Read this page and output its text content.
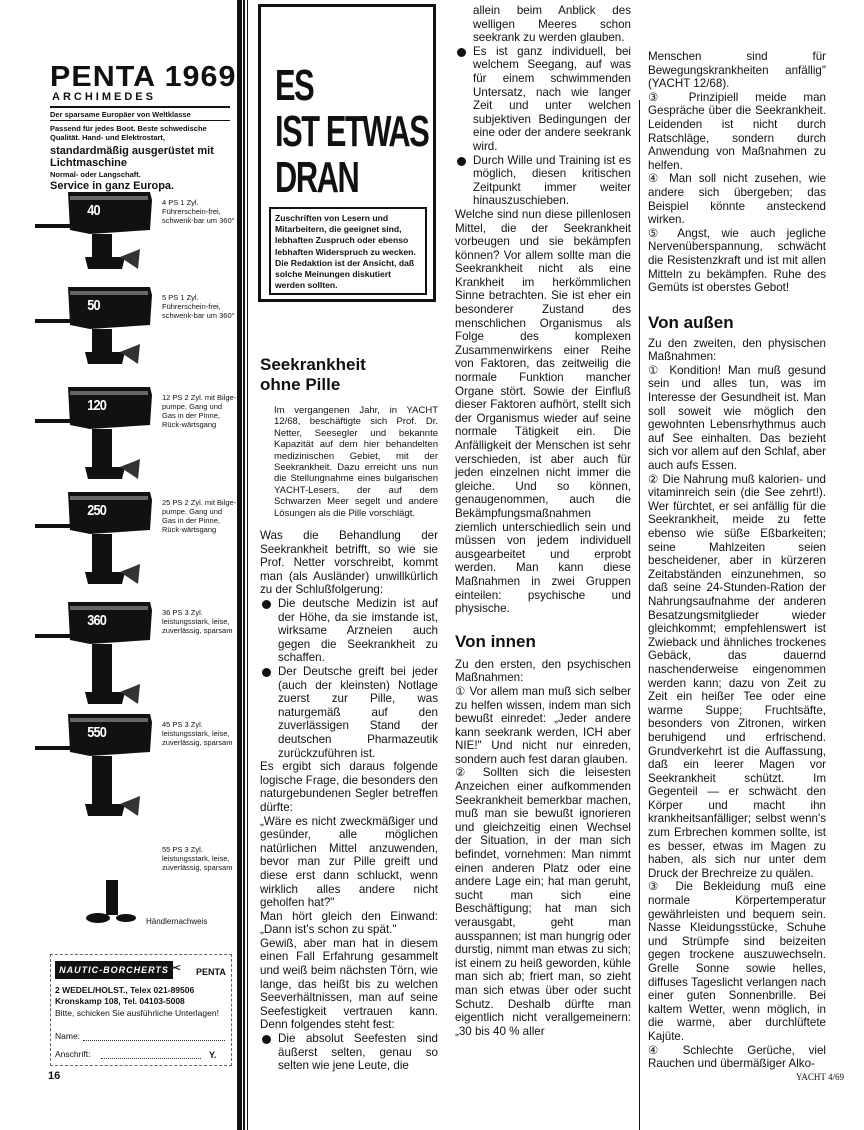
PENTA 1969
ARCHIMEDES
Der sparsame Europäer von Weltklasse
Passend für jedes Boot. Beste schwedische Qualität. Hand- und Elektrostart,
standardmäßig ausgerüstet mit Lichtmaschine
Normal- oder Langschaft.
Service in ganz Europa.
40	4 PS 1 Zyl. Führerschein-frei, schwenk-bar um 360°
50	5 PS 1 Zyl. Führerschein-frei, schwenk-bar um 360°
120	12 PS 2 Zyl. mit Bilge-pumpe, Gang und Gas in der Pinne, Rück-wärtsgang
250	25 PS 2 Zyl. mit Bilge-pumpe, Gang und Gas in der Pinne, Rück-wärtsgang
360	36 PS 3 Zyl. leistungsstark, leise, zuverlässig, sparsam
550	45 PS 3 Zyl. leistungsstark, leise, zuverlässig, sparsam
55 PS 3 Zyl. leistungsstark, leise, zuverlässig, sparsam
Händlernachweis
NAUTIC-BORCHERTS ✂ PENTA
2 WEDEL/HOLST., Telex 021-89506
Kronskamp 108, Tel. 04103-5008
Bitte, schicken Sie ausführliche Unterlagen!
Name:
Anschrift:	Y.
16
ES
IST ETWAS
DRAN
Zuschriften von Lesern und Mitarbeitern, die geeignet sind, lebhaften Zuspruch oder ebenso lebhaften Widerspruch zu wecken. Die Redaktion ist der Ansicht, daß solche Meinungen diskutiert werden sollten.
Seekrankheit
ohne Pille

Im vergangenen Jahr, in YACHT 12/68, beschäftigte sich Prof. Dr. Netter, Seesegler und bekannte Kapazität auf dem hier behandelten medizinischen Gebiet, mit der Seekrankheit. Dazu erreicht uns nun die Stellungnahme eines bulgarischen YACHT-Lesers, der auf dem Schwarzen Meer segelt und andere Lösungen als die Pille vorschlägt.

Was die Behandlung der Seekrankheit betrifft, so wie sie Prof. Netter vorschreibt, kommt man (als Ausländer) unwillkürlich zu der Schlußfolgerung:

Die deutsche Medizin ist auf der Höhe, da sie imstande ist, wirksame Arzneien auch gegen die Seekrankheit zu schaffen.

Der Deutsche greift bei jeder (auch der kleinsten) Notlage zuerst zur Pille, was naturgemäß auf den zuverlässigen Stand der deutschen Pharmazeutik zurückzuführen ist.

Es ergibt sich daraus folgende logische Frage, die besonders den naturgebundenen Segler betreffen dürfte:

„Wäre es nicht zweckmäßiger und gesünder, alle möglichen natürlichen Mittel anzuwenden, bevor man zur Pille greift und diese erst dann schluckt, wenn wirklich alles andere nicht geholfen hat?"

Man hört gleich den Einwand: „Dann ist's schon zu spät."

Gewiß, aber man hat in diesem einen Fall Erfahrung gesammelt und weiß beim nächsten Törn, wie lange, das heißt bis zu welchen Seeverhältnissen, man auf seine Seefestigkeit vertrauen kann. Denn folgendes steht fest:

Die absolut Seefesten sind äußerst selten, genau so selten wie jene Leute, die

allein beim Anblick des welligen Meeres schon seekrank zu werden glauben.

Es ist ganz individuell, bei welchem Seegang, auf was für einem schwimmenden Untersatz, nach wie langer Zeit und unter welchen subjektiven Bedingungen der eine oder der andere seekrank wird.

Durch Wille und Training ist es möglich, diesen kritischen Zeitpunkt immer weiter hinauszuschieben.

Welche sind nun diese pillenlosen Mittel, die der Seekrankheit vorbeugen und sie bekämpfen können? Vor allem sollte man die Seekrankheit nicht als eine Krankheit im herkömmlichen Sinne betrachten. Sie ist eher ein besonderer Zustand des menschlichen Organismus als Folge des komplexen Zusammenwirkens einer Reihe von Faktoren, das zeitweilig die normale Funktion mancher Organe stört. Sowie der Einfluß dieser Faktoren aufhört, stellt sich der Organismus wieder auf seine normale Tätigkeit ein. Die Anfälligkeit der Menschen ist sehr verschieden, ist aber auch für jeden einzelnen nicht immer die gleiche. Und so können, genaugenommen, auch die Bekämpfungsmaßnahmen ziemlich unterschiedlich sein und müssen von jedem individuell ausgearbeitet und erprobt werden. Man kann diese Maßnahmen in zwei Gruppen einteilen: psychische und physische.

Von innen

Zu den ersten, den psychischen Maßnahmen:

① Vor allem man muß sich selber zu helfen wissen, indem man sich bewußt einredet: „Jeder andere kann seekrank werden, ICH aber NIE!" Und nicht nur einreden, sondern auch fest daran glauben.

② Sollten sich die leisesten Anzeichen einer aufkommenden Seekrankheit bemerkbar machen, muß man sie bewußt ignorieren und gleichzeitig einen Wechsel der Situation, in der man sich befindet, vornehmen: Man nimmt einen anderen Platz oder eine andere Lage ein; hat man geruht, sucht man sich eine Beschäftigung; hat man sich verausgabt, geht man ausspannen; ist man hungrig oder durstig, nimmt man etwas zu sich; ist einem zu heiß geworden, kühle man sich ab; friert man, so zieht man sich etwas über oder sucht Schutz. Deshalb dürfte man eigentlich nicht verallgemeinern: „30 bis 40 % aller

Menschen sind für Bewegungskrankheiten anfällig" (YACHT 12/68).

③ Prinzipiell meide man Gespräche über die Seekrankheit. Leidenden ist nicht durch Ratschläge, sondern durch Anwendung von Maßnahmen zu helfen.

④ Man soll nicht zusehen, wie andere sich übergeben; das Beispiel könnte ansteckend wirken.

⑤ Angst, wie auch jegliche Nervenüberspannung, schwächt die Resistenzkraft und ist mit allen Mitteln zu bekämpfen. Ruhe des Gemüts ist oberstes Gebot!

Von außen

Zu den zweiten, den physischen Maßnahmen:

① Kondition! Man muß gesund sein und alles tun, was im Interesse der Gesundheit ist. Man soll soweit wie möglich den gewohnten Lebensrhythmus auch auf See einhalten. Das bezieht sich vor allem auf den Schlaf, aber auch aufs Essen.

② Die Nahrung muß kalorien- und vitaminreich sein (die See zehrt!). Wer fürchtet, er sei anfällig für die Seekrankheit, meide zu fette ebenso wie süße Eßbarkeiten; seine Mahlzeiten seien bescheidener, aber in kürzeren Zeitabständen einzunehmen, so daß seine 24-Stunden-Ration der Nahrungsaufnahme der anderen Besatzungsmitglieder wieder gleichkommt; empfehlenswert ist Zwieback und ähnliches trockenes Gebäck, das dauernd naschenderweise eingenommen werden kann; dazu von Zeit zu Zeit ein heißer Tee oder eine warme Suppe; Fruchtsäfte, besonders von Zitronen, wirken beruhigend und erfrischend. Grundverkehrt ist die Auffassung, daß ein leerer Magen vor Seekrankheit schützt. Im Gegenteil — er schwächt den Körper und macht ihn krankheitsanfälliger; selbst wenn's zum Erbrechen kommen sollte, ist es besser, etwas im Magen zu haben, als sich nur unter dem Druck der Brechreize zu quälen.

③ Die Bekleidung muß eine normale Körpertemperatur gewährleisten und bequem sein. Nasse Kleidungsstücke, Schuhe und Strümpfe sind beizeiten gegen trockene auszuwechseln. Grelle Sonne sowie helles, diffuses Tageslicht verlangen nach einer guten Sonnenbrille. Bei kaltem Wetter, wenn möglich, in die warme, aber durchlüftete Kajüte.

④ Schlechte Gerüche, viel Rauchen und übermäßiger Alko-

YACHT 4/69
